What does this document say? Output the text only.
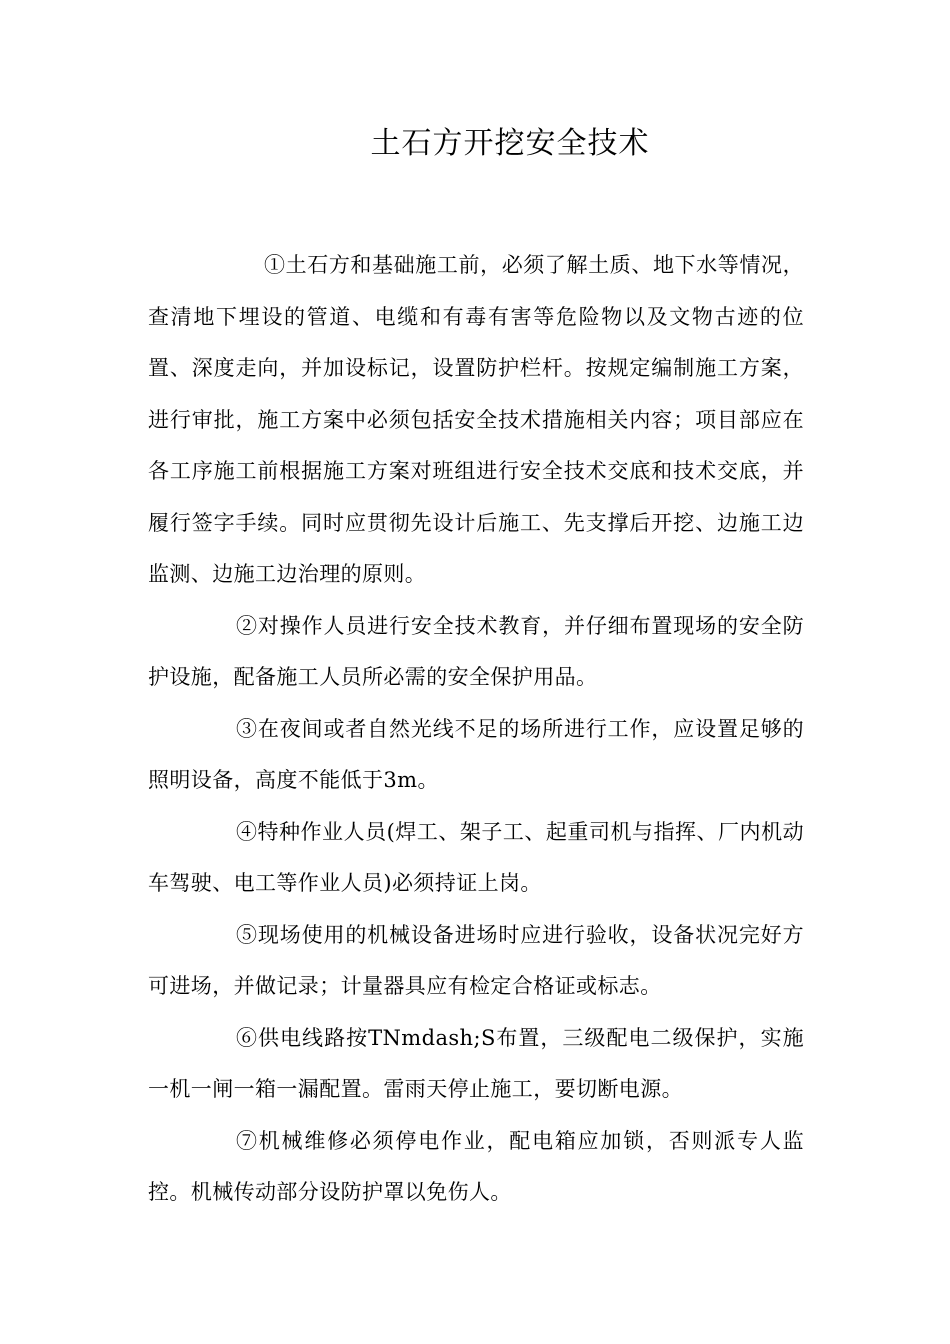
土石方开挖安全技术

①土石方和基础施工前，必须了解土质、地下水等情况，查清地下埋设的管道、电缆和有毒有害等危险物以及文物古迹的位置、深度走向，并加设标记，设置防护栏杆。按规定编制施工方案，进行审批，施工方案中必须包括安全技术措施相关内容；项目部应在各工序施工前根据施工方案对班组进行安全技术交底和技术交底，并履行签字手续。同时应贯彻先设计后施工、先支撑后开挖、边施工边监测、边施工边治理的原则。

②对操作人员进行安全技术教育，并仔细布置现场的安全防护设施，配备施工人员所必需的安全保护用品。

③在夜间或者自然光线不足的场所进行工作，应设置足够的照明设备，高度不能低于3m。

④特种作业人员(焊工、架子工、起重司机与指挥、厂内机动车驾驶、电工等作业人员)必须持证上岗。

⑤现场使用的机械设备进场时应进行验收，设备状况完好方可进场，并做记录；计量器具应有检定合格证或标志。

⑥供电线路按TNmdash;S布置，三级配电二级保护，实施一机一闸一箱一漏配置。雷雨天停止施工，要切断电源。

⑦机械维修必须停电作业，配电箱应加锁，否则派专人监控。机械传动部分设防护罩以免伤人。
